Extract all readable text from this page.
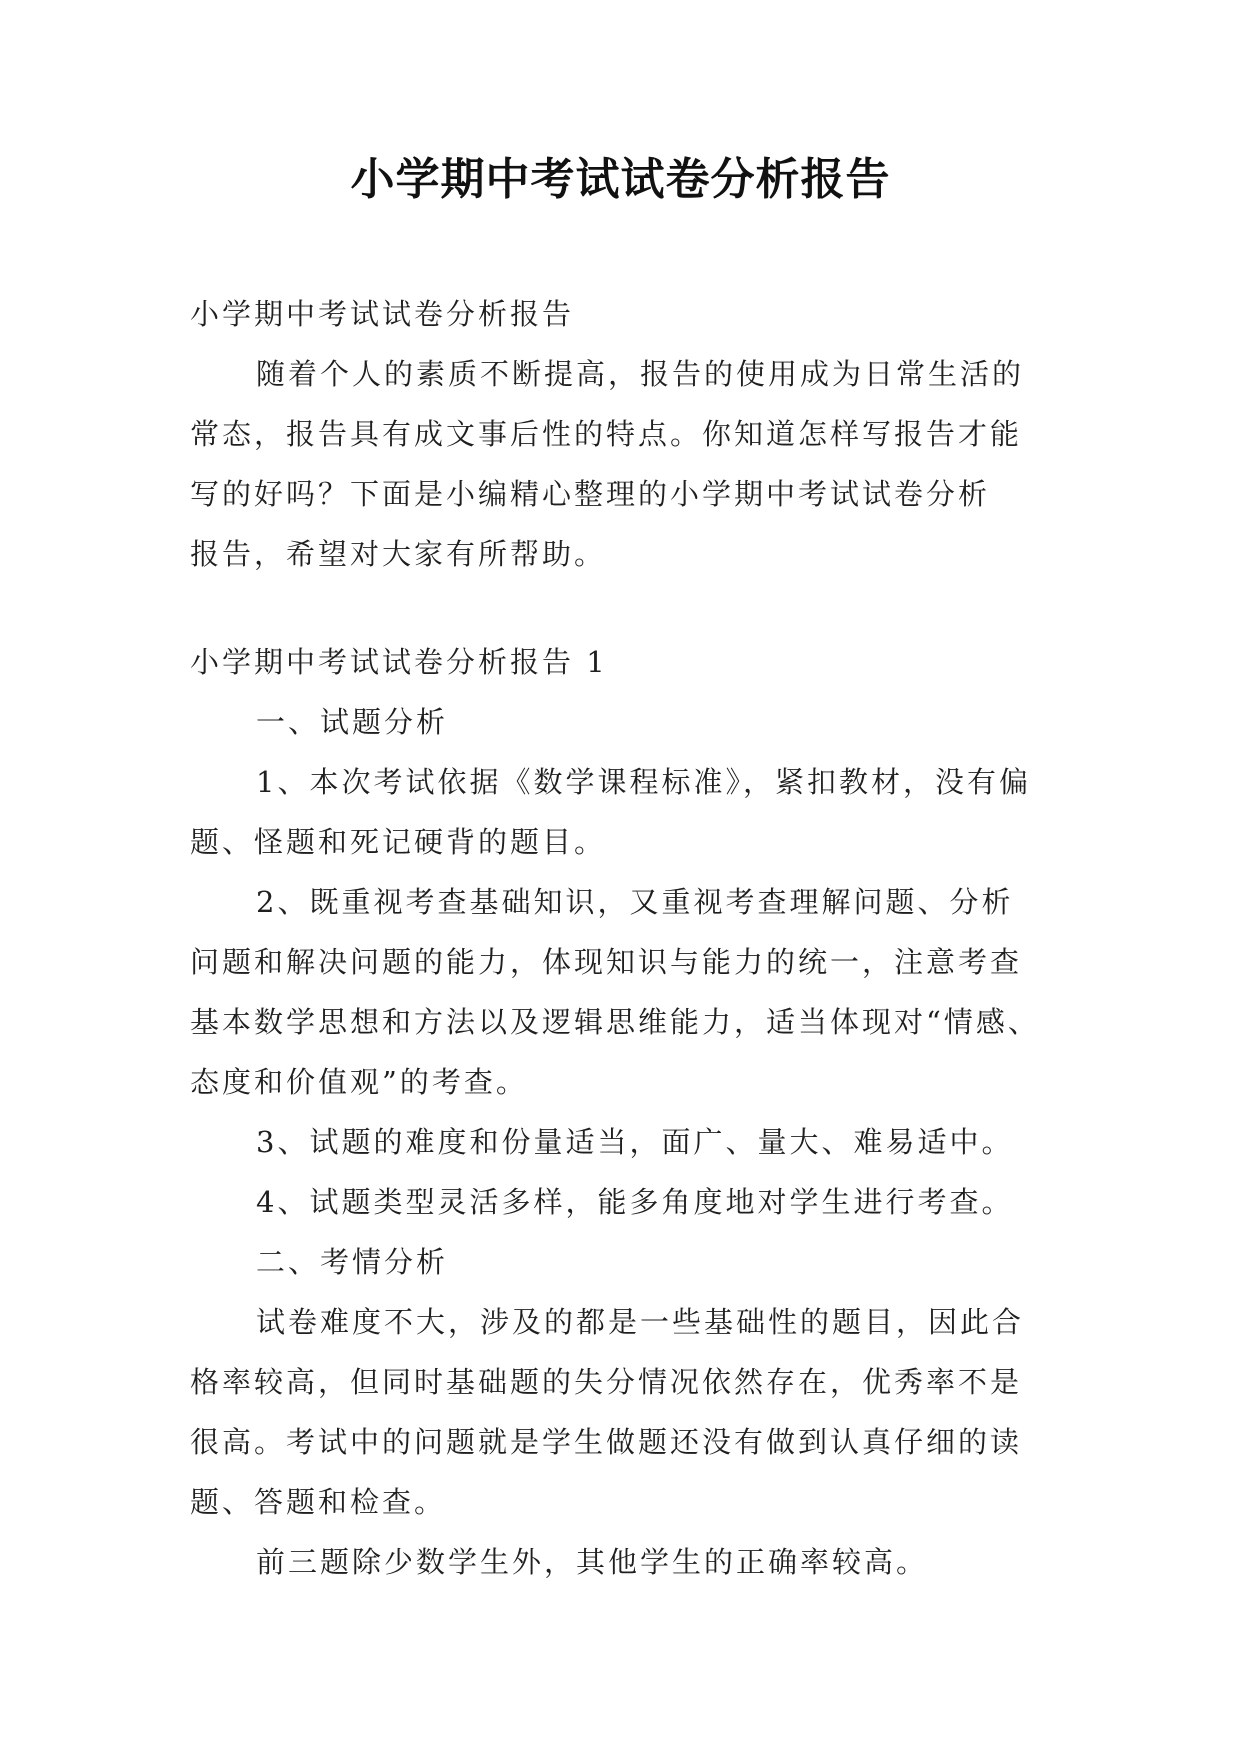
小学期中考试试卷分析报告
小学期中考试试卷分析报告
随着个人的素质不断提高，报告的使用成为日常生活的
常态，报告具有成文事后性的特点。你知道怎样写报告才能
写的好吗？下面是小编精心整理的小学期中考试试卷分析
报告，希望对大家有所帮助。
小学期中考试试卷分析报告 1
一、试题分析
1、本次考试依据《数学课程标准》，紧扣教材，没有偏
题、怪题和死记硬背的题目。
2、既重视考查基础知识，又重视考查理解问题、分析
问题和解决问题的能力，体现知识与能力的统一，注意考查
基本数学思想和方法以及逻辑思维能力，适当体现对“情感、
态度和价值观”的考查。
3、试题的难度和份量适当，面广、量大、难易适中。
4、试题类型灵活多样，能多角度地对学生进行考查。
二、考情分析
试卷难度不大，涉及的都是一些基础性的题目，因此合
格率较高，但同时基础题的失分情况依然存在，优秀率不是
很高。考试中的问题就是学生做题还没有做到认真仔细的读
题、答题和检查。
前三题除少数学生外，其他学生的正确率较高。
